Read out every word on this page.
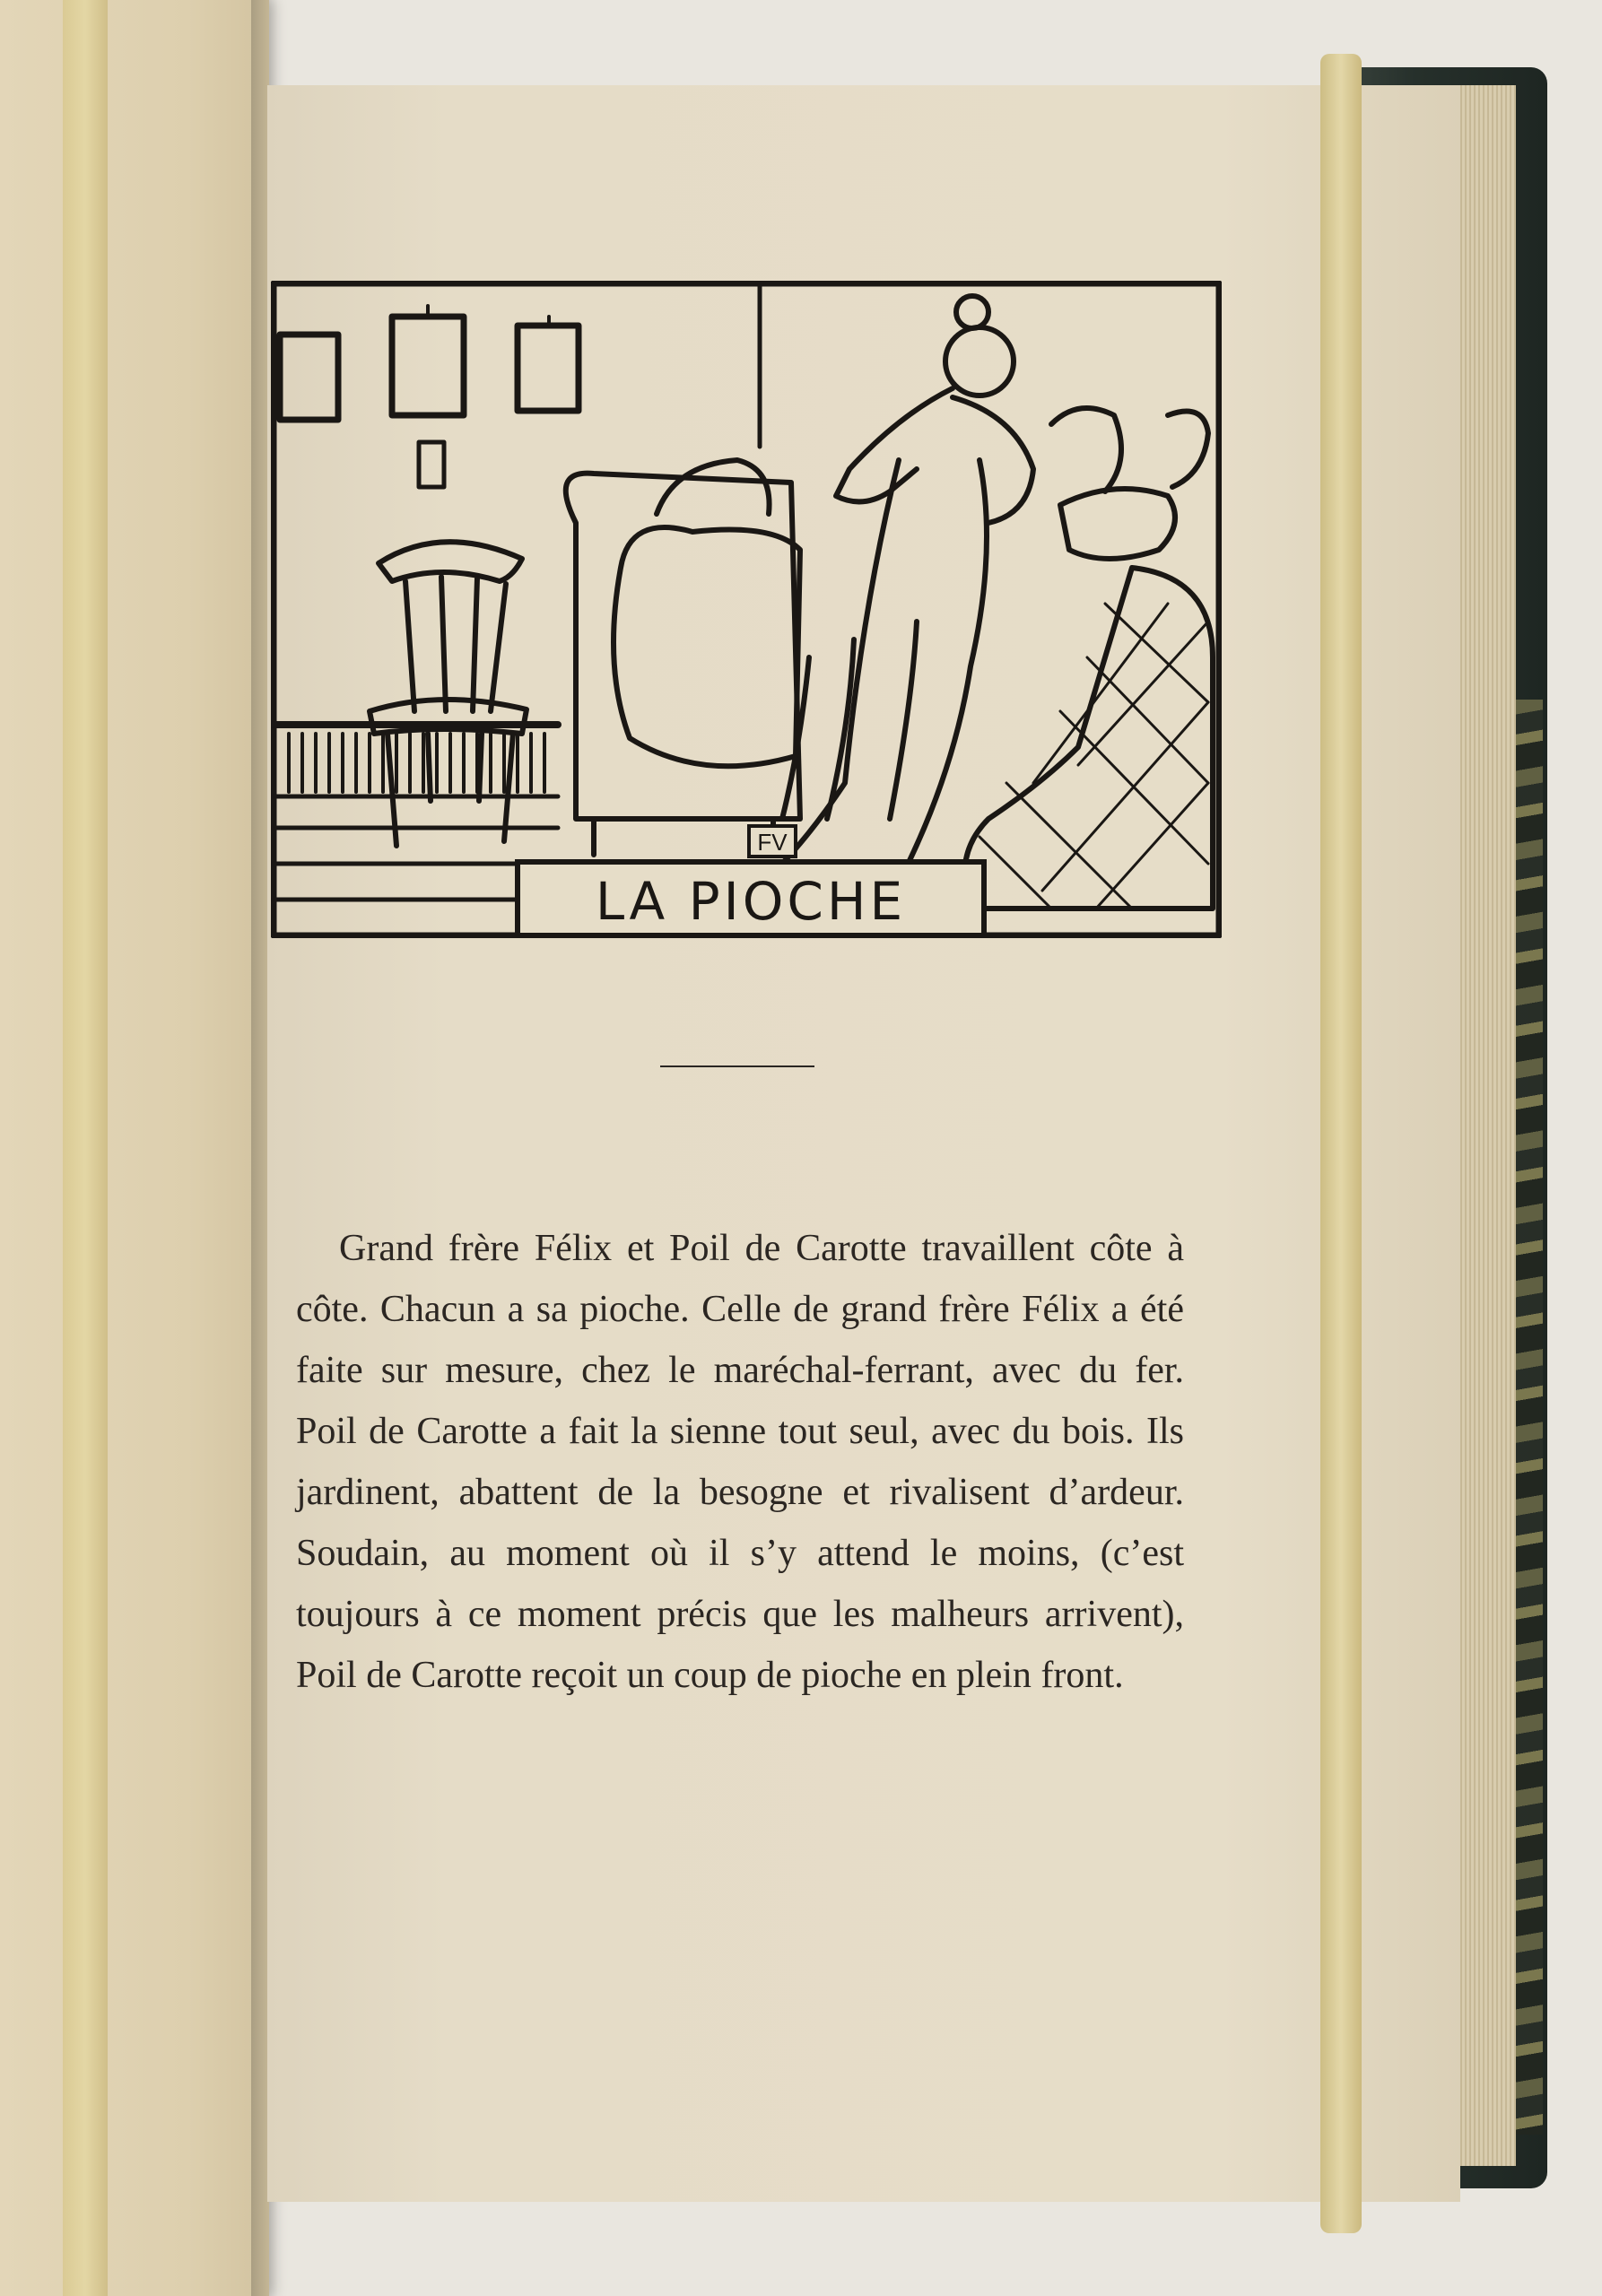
FV
LA PIOCHE

Grand frère Félix et Poil de Carotte travaillent côte à côte. Chacun a sa pioche. Celle de grand frère Félix a été faite sur mesure, chez le maréchal-ferrant, avec du fer. Poil de Carotte a fait la sienne tout seul, avec du bois. Ils jardinent, abattent de la besogne et rivalisent d’ardeur. Soudain, au moment où il s’y attend le moins, (c’est toujours à ce moment précis que les malheurs arrivent), Poil de Carotte reçoit un coup de pioche en plein front.
